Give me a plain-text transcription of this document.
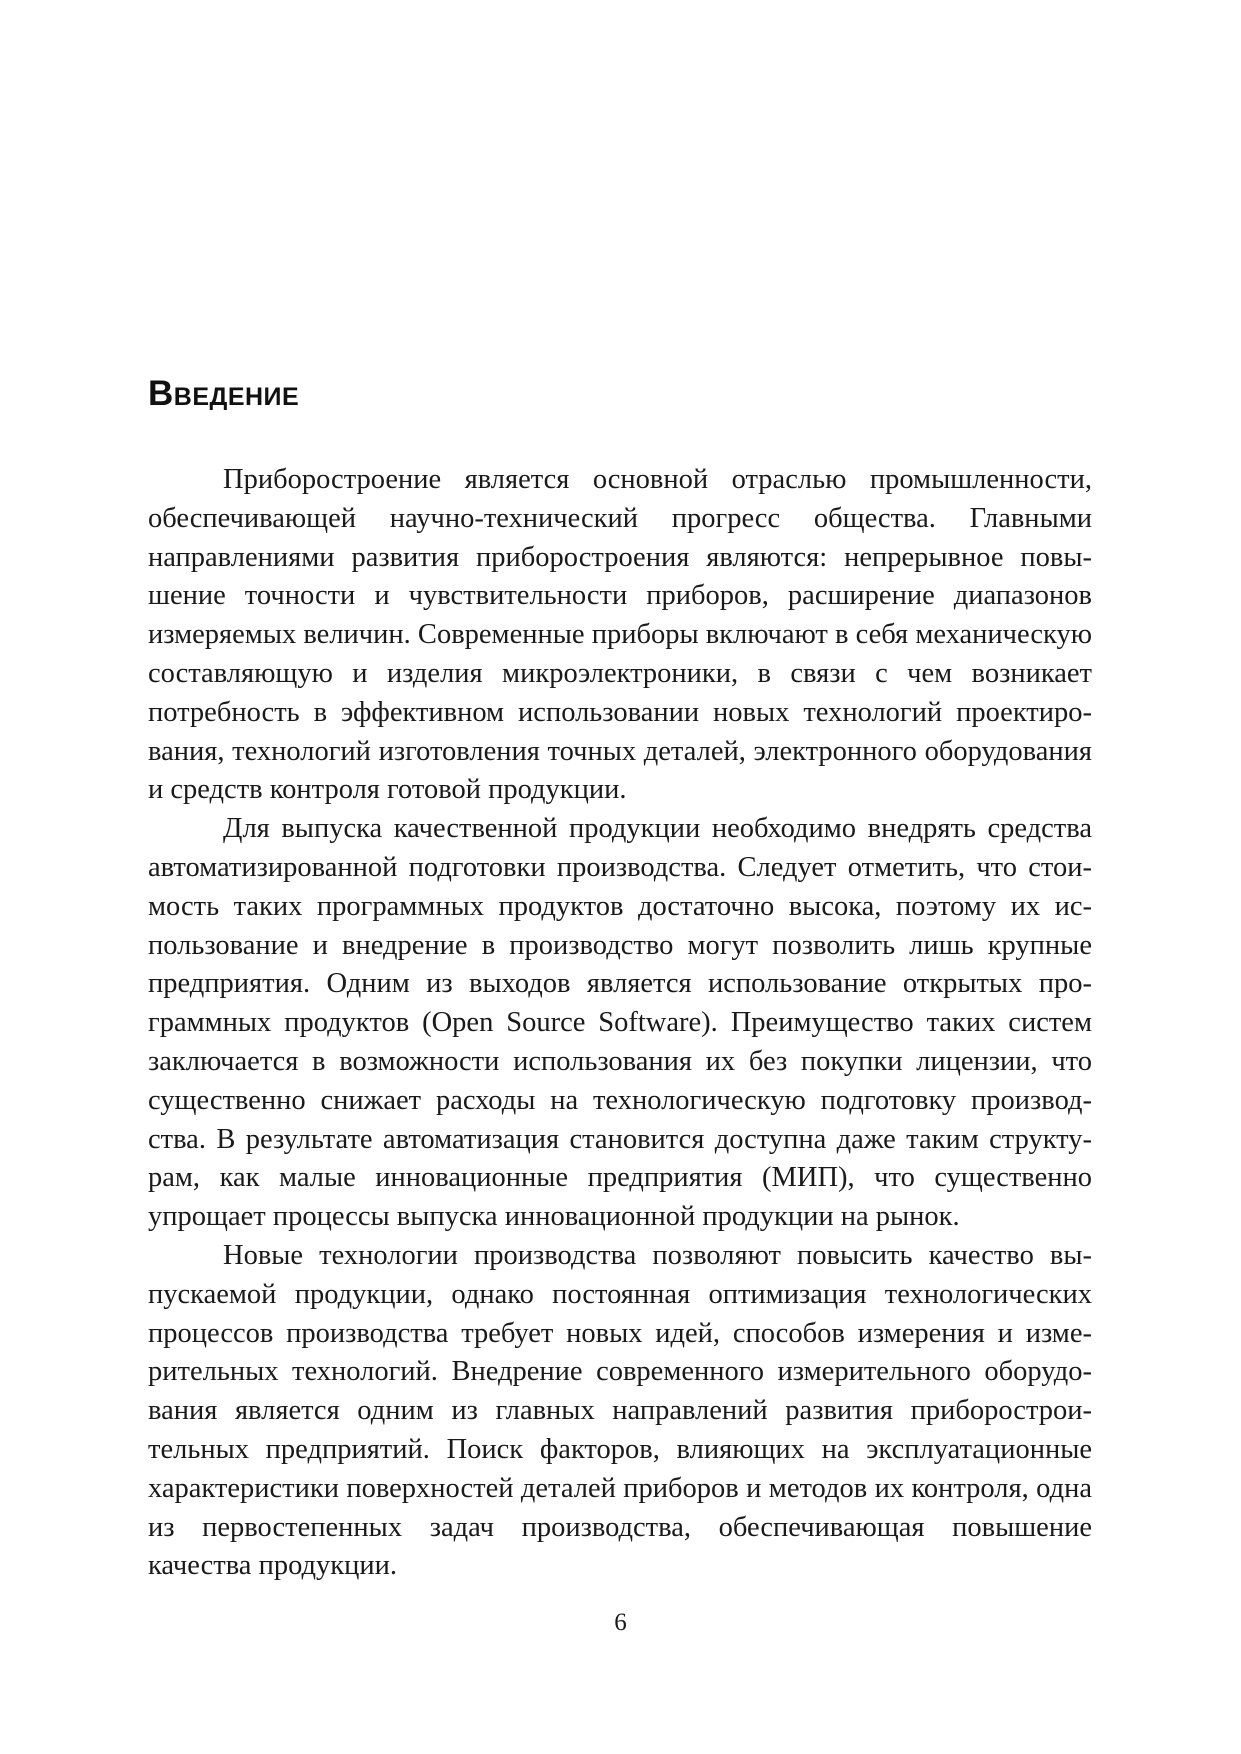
Введение

Приборостроение является основной отраслью промышленности, обеспечивающей научно-технический прогресс общества. Главными направлениями развития приборостроения являются: непрерывное повышение точности и чувствительности приборов, расширение диапазонов измеряемых величин. Современные приборы включают в себя механическую составляющую и изделия микроэлектроники, в связи с чем возникает потребность в эффективном использовании новых технологий проектирования, технологий изготовления точных деталей, электронного оборудования и средств контроля готовой продукции.

Для выпуска качественной продукции необходимо внедрять средства автоматизированной подготовки производства. Следует отметить, что стоимость таких программных продуктов достаточно высока, поэтому их использование и внедрение в производство могут позволить лишь крупные предприятия. Одним из выходов является использование открытых программных продуктов (Open Source Software). Преимущество таких систем заключается в возможности использования их без покупки лицензии, что существенно снижает расходы на технологическую подготовку производства. В результате автоматизация становится доступна даже таким структурам, как малые инновационные предприятия (МИП), что существенно упрощает процессы выпуска инновационной продукции на рынок.

Новые технологии производства позволяют повысить качество выпускаемой продукции, однако постоянная оптимизация технологических процессов производства требует новых идей, способов измерения и измерительных технологий. Внедрение современного измерительного оборудования является одним из главных направлений развития приборостроительных предприятий. Поиск факторов, влияющих на эксплуатационные характеристики поверхностей деталей приборов и методов их контроля, одна из первостепенных задач производства, обеспечивающая повышение качества продукции.

6
